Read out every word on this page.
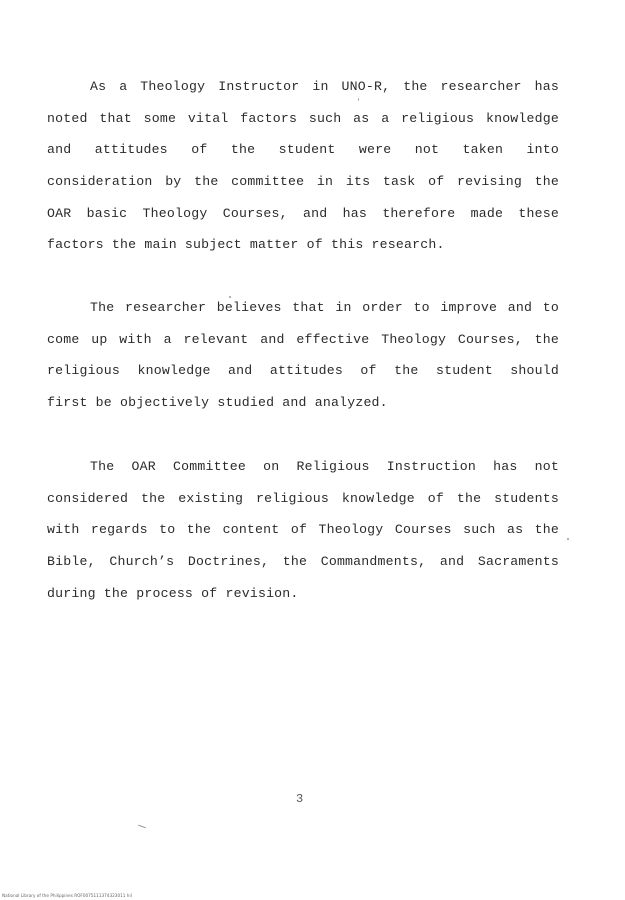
As a Theology Instructor in UNO-R, the researcher has
noted that some vital factors such as a religious knowledge
and attitudes of the student were not taken into
consideration by the committee in its task of revising the
OAR basic Theology Courses, and has therefore made these
factors the main subject matter of this research.
The researcher believes that in order to improve and to
come up with a relevant and effective Theology Courses, the
religious knowledge and attitudes of the student should
first be objectively studied and analyzed.
The OAR Committee on Religious Instruction has not
considered the existing religious knowledge of the students
with regards to the content of Theology Courses such as the
Bible, Church’s Doctrines, the Commandments, and Sacraments
during the process of revision.
3
National Library of the Philippines ROF0075111374323011 hil
